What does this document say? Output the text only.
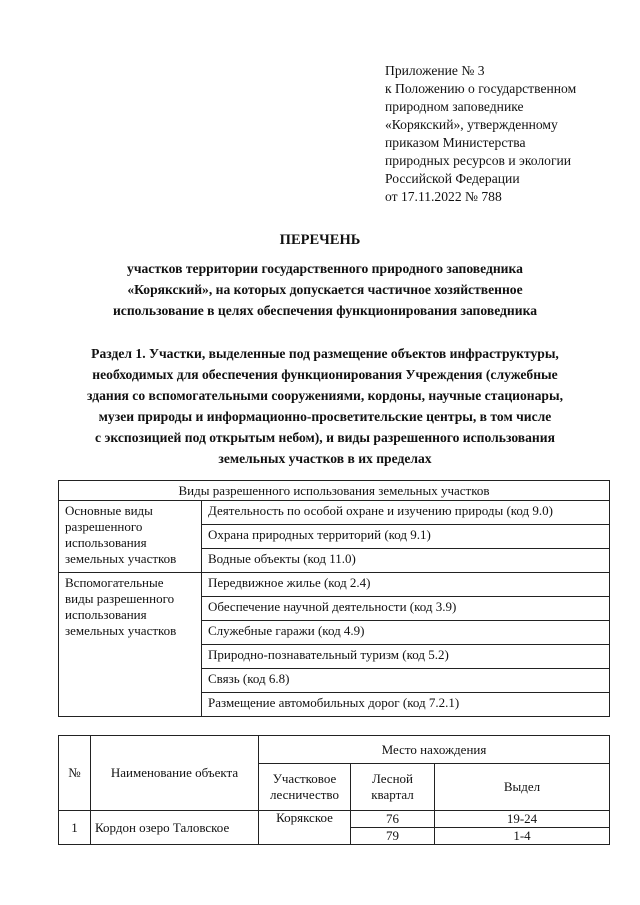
Приложение № 3
к Положению о государственном
природном заповеднике
«Корякский», утвержденному
приказом Министерства
природных ресурсов и экологии
Российской Федерации
от 17.11.2022 № 788
ПЕРЕЧЕНЬ
участков территории государственного природного заповедника
«Корякский», на которых допускается частичное хозяйственное
использование в целях обеспечения функционирования заповедника
Раздел 1. Участки, выделенные под размещение объектов инфраструктуры,
необходимых для обеспечения функционирования Учреждения (служебные
здания со вспомогательными сооружениями, кордоны, научные стационары,
музеи природы и информационно-просветительские центры, в том числе
с экспозицией под открытым небом), и виды разрешенного использования
земельных участков в их пределах
Виды разрешенного использования земельных участков	
Основные виды разрешенного использования земельных участков	Деятельность по особой охране и изучению природы (код 9.0)
	Охрана природных территорий (код 9.1)
	Водные объекты (код 11.0)
Вспомогательные виды разрешенного использования земельных участков	Передвижное жилье (код 2.4)
	Обеспечение научной деятельности (код 3.9)
	Служебные гаражи (код 4.9)
	Природно-познавательный туризм (код 5.2)
	Связь (код 6.8)
	Размещение автомобильных дорог (код 7.2.1)
№	Наименование объекта	Место нахождения		
		Участковое лесничество	Лесной квартал	Выдел
1	Кордон озеро Таловское	Корякское	76	19-24
			79	1-4
